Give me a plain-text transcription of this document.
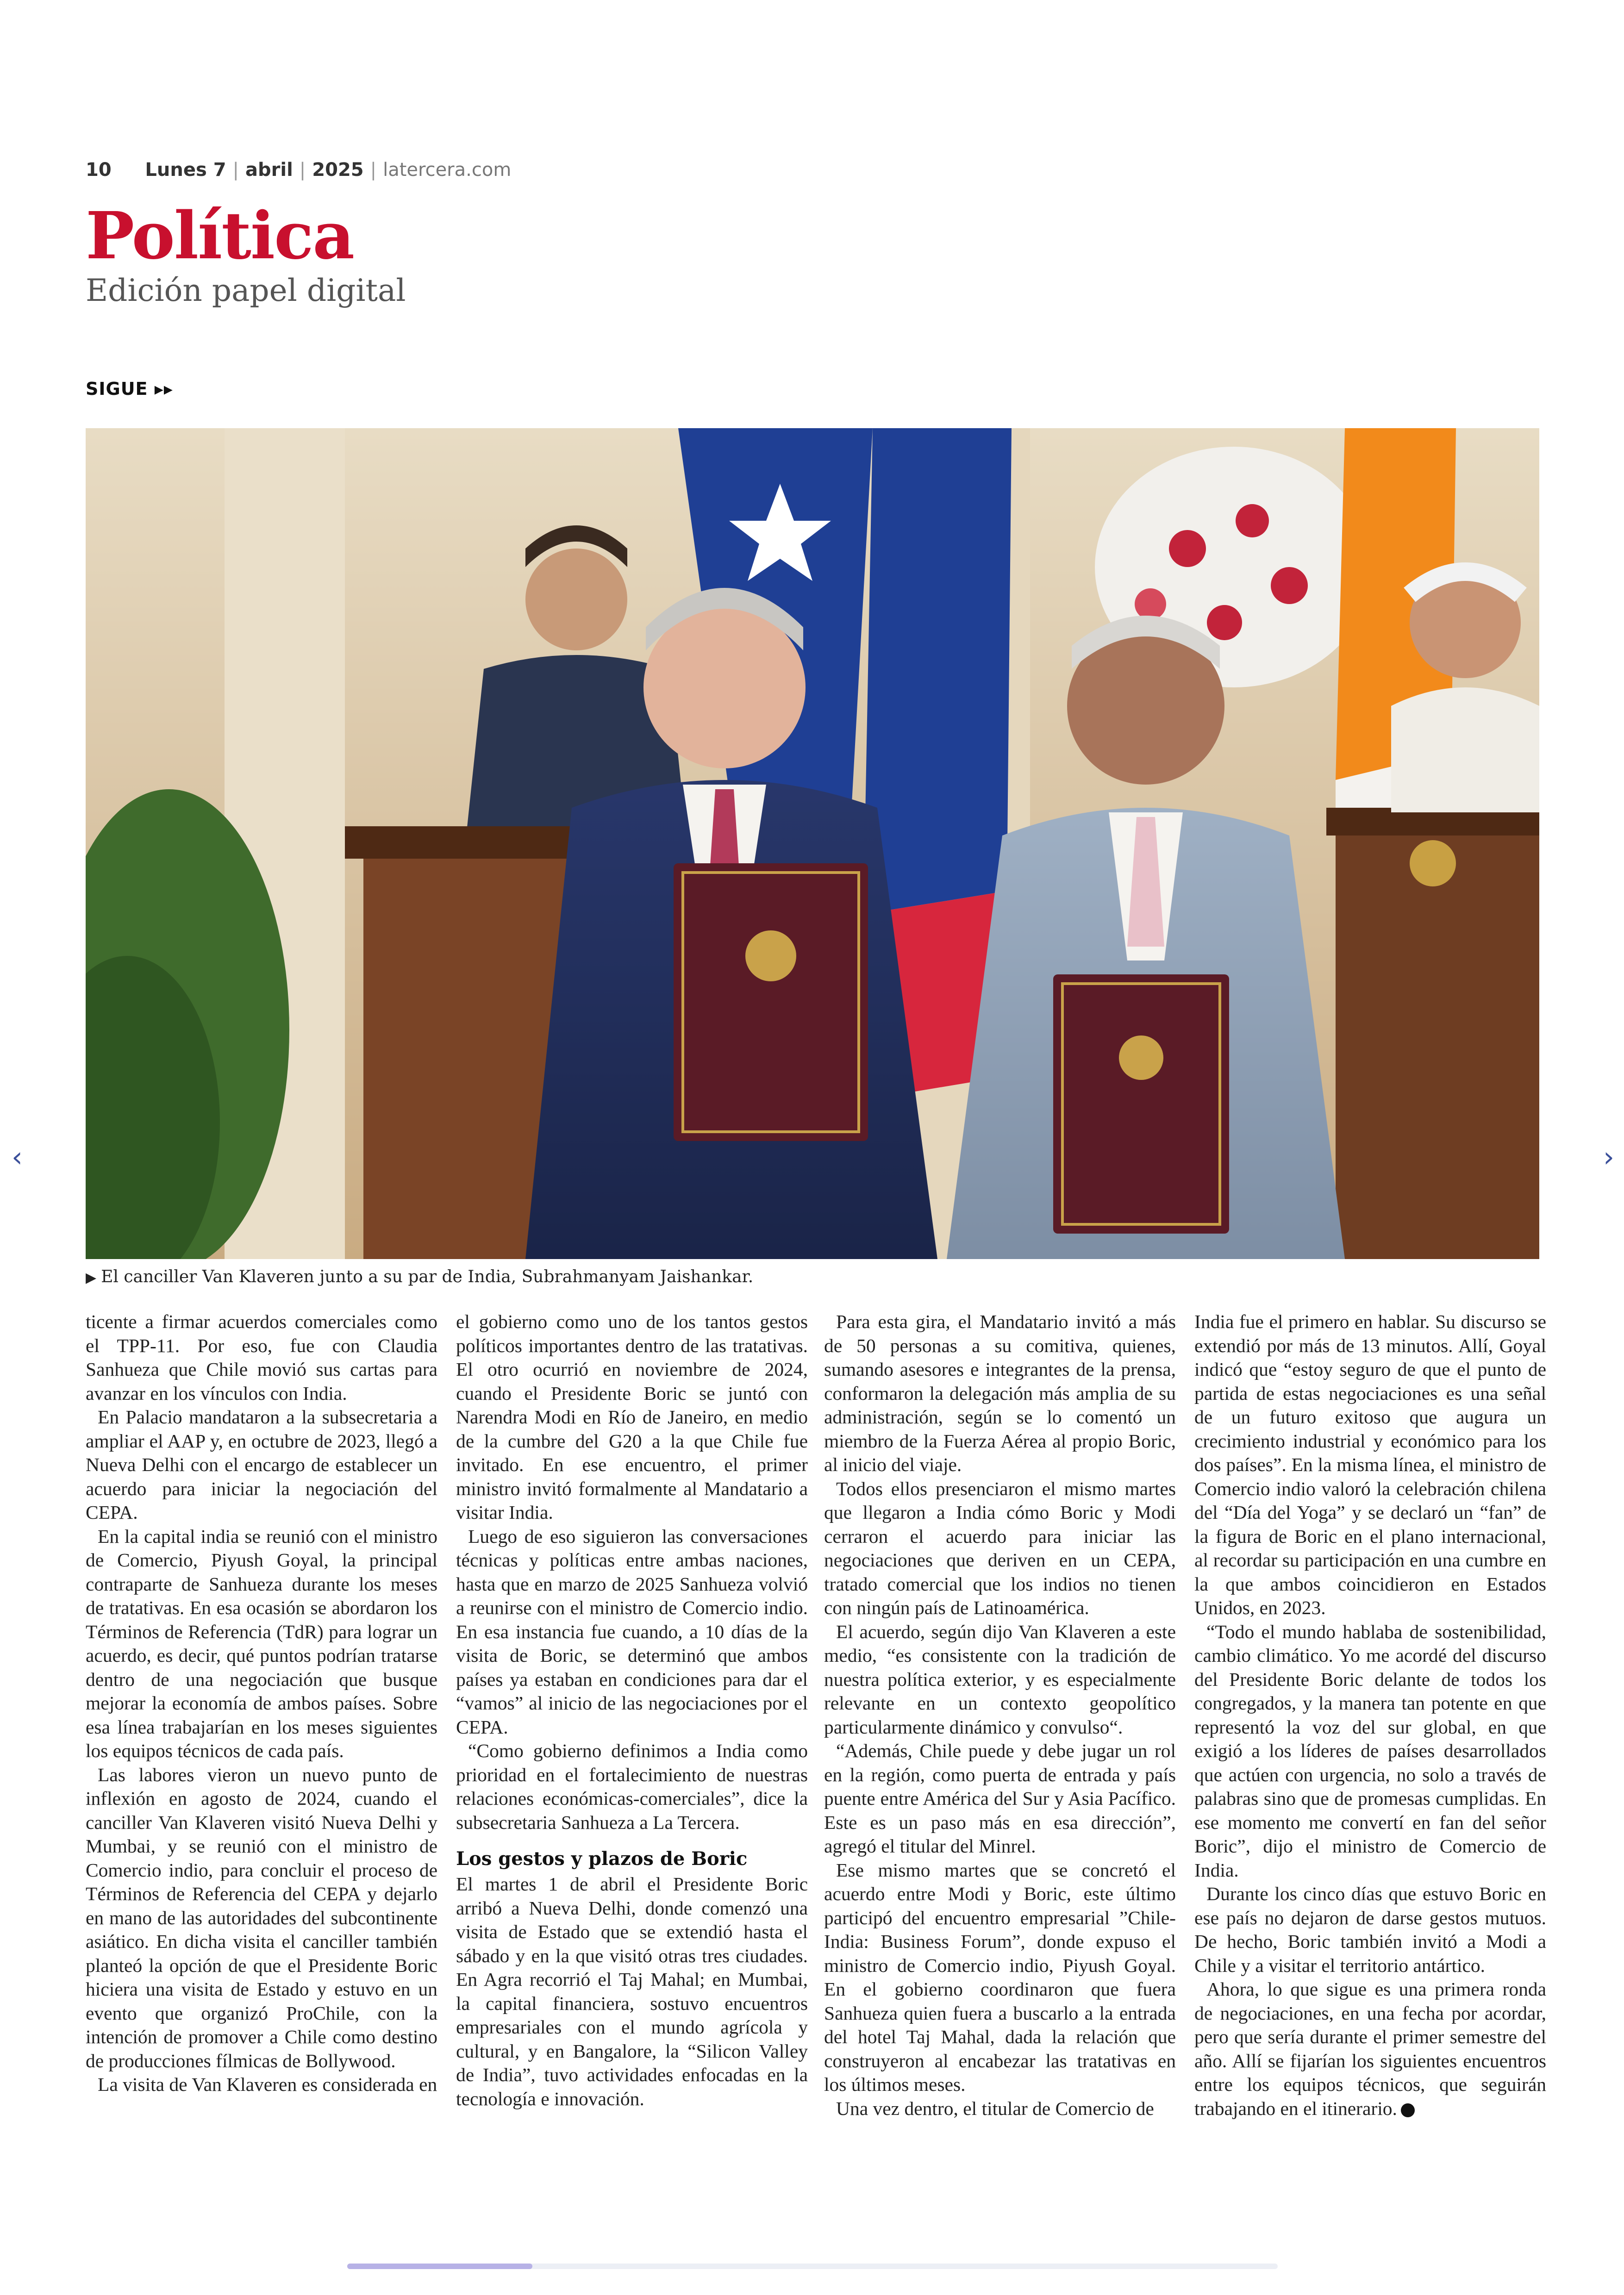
10 Lunes 7 | abril | 2025 | latercera.com
Política
Edición papel digital
SIGUE ▸▸
▶ El canciller Van Klaveren junto a su par de India, Subrahmanyam Jaishankar.

ticente a firmar acuerdos comerciales como el TPP-11. Por eso, fue con Claudia Sanhueza que Chile movió sus cartas para avanzar en los vínculos con India.

En Palacio mandataron a la subsecretaria a ampliar el AAP y, en octubre de 2023, llegó a Nueva Delhi con el encargo de establecer un acuerdo para iniciar la negociación del CEPA.

En la capital india se reunió con el ministro de Comercio, Piyush Goyal, la principal contraparte de Sanhueza durante los meses de tratativas. En esa ocasión se abordaron los Términos de Referencia (TdR) para lograr un acuerdo, es decir, qué puntos podrían tratarse dentro de una negociación que busque mejorar la economía de ambos países. Sobre esa línea trabajarían en los meses siguientes los equipos técnicos de cada país.

Las labores vieron un nuevo punto de inflexión en agosto de 2024, cuando el canciller Van Klaveren visitó Nueva Delhi y Mumbai, y se reunió con el ministro de Comercio indio, para concluir el proceso de Términos de Referencia del CEPA y dejarlo en mano de las autoridades del subcontinente asiático. En dicha visita el canciller también planteó la opción de que el Presidente Boric hiciera una visita de Estado y estuvo en un evento que organizó ProChile, con la intención de promover a Chile como destino de producciones fílmicas de Bollywood.

La visita de Van Klaveren es considerada en

el gobierno como uno de los tantos gestos políticos importantes dentro de las tratativas. El otro ocurrió en noviembre de 2024, cuando el Presidente Boric se juntó con Narendra Modi en Río de Janeiro, en medio de la cumbre del G20 a la que Chile fue invitado. En ese encuentro, el primer ministro invitó formalmente al Mandatario a visitar India.

Luego de eso siguieron las conversaciones técnicas y políticas entre ambas naciones, hasta que en marzo de 2025 Sanhueza volvió a reunirse con el ministro de Comercio indio. En esa instancia fue cuando, a 10 días de la visita de Boric, se determinó que ambos países ya estaban en condiciones para dar el “vamos” al inicio de las negociaciones por el CEPA.

“Como gobierno definimos a India como prioridad en el fortalecimiento de nuestras relaciones económicas-comerciales”, dice la subsecretaria Sanhueza a La Tercera.

Los gestos y plazos de Boric

El martes 1 de abril el Presidente Boric arribó a Nueva Delhi, donde comenzó una visita de Estado que se extendió hasta el sábado y en la que visitó otras tres ciudades. En Agra recorrió el Taj Mahal; en Mumbai, la capital financiera, sostuvo encuentros empresariales con el mundo agrícola y cultural, y en Bangalore, la “Silicon Valley de India”, tuvo actividades enfocadas en la tecnología e innovación.

Para esta gira, el Mandatario invitó a más de 50 personas a su comitiva, quienes, sumando asesores e integrantes de la prensa, conformaron la delegación más amplia de su administración, según se lo comentó un miembro de la Fuerza Aérea al propio Boric, al inicio del viaje.

Todos ellos presenciaron el mismo martes que llegaron a India cómo Boric y Modi cerraron el acuerdo para iniciar las negociaciones que deriven en un CEPA, tratado comercial que los indios no tienen con ningún país de Latinoamérica.

El acuerdo, según dijo Van Klaveren a este medio, “es consistente con la tradición de nuestra política exterior, y es especialmente relevante en un contexto geopolítico particularmente dinámico y convulso“.

“Además, Chile puede y debe jugar un rol en la región, como puerta de entrada y país puente entre América del Sur y Asia Pacífico. Este es un paso más en esa dirección”, agregó el titular del Minrel.

Ese mismo martes que se concretó el acuerdo entre Modi y Boric, este último participó del encuentro empresarial ”Chile-India: Business Forum”, donde expuso el ministro de Comercio indio, Piyush Goyal. En el gobierno coordinaron que fuera Sanhueza quien fuera a buscarlo a la entrada del hotel Taj Mahal, dada la relación que construyeron al encabezar las tratativas en los últimos meses.

Una vez dentro, el titular de Comercio de

India fue el primero en hablar. Su discurso se extendió por más de 13 minutos. Allí, Goyal indicó que “estoy seguro de que el punto de partida de estas negociaciones es una señal de un futuro exitoso que augura un crecimiento industrial y económico para los dos países”. En la misma línea, el ministro de Comercio indio valoró la celebración chilena del “Día del Yoga” y se declaró un “fan” de la figura de Boric en el plano internacional, al recordar su participación en una cumbre en la que ambos coincidieron en Estados Unidos, en 2023.

“Todo el mundo hablaba de sostenibilidad, cambio climático. Yo me acordé del discurso del Presidente Boric delante de todos los congregados, y la manera tan potente en que representó la voz del sur global, en que exigió a los líderes de países desarrollados que actúen con urgencia, no solo a través de palabras sino que de promesas cumplidas. En ese momento me convertí en fan del señor Boric”, dijo el ministro de Comercio de India.

Durante los cinco días que estuvo Boric en ese país no dejaron de darse gestos mutuos. De hecho, Boric también invitó a Modi a Chile y a visitar el territorio antártico.

Ahora, lo que sigue es una primera ronda de negociaciones, en una fecha por acordar, pero que sería durante el primer semestre del año. Allí se fijarían los siguientes encuentros entre los equipos técnicos, que seguirán trabajando en el itinerario.

‹	›
